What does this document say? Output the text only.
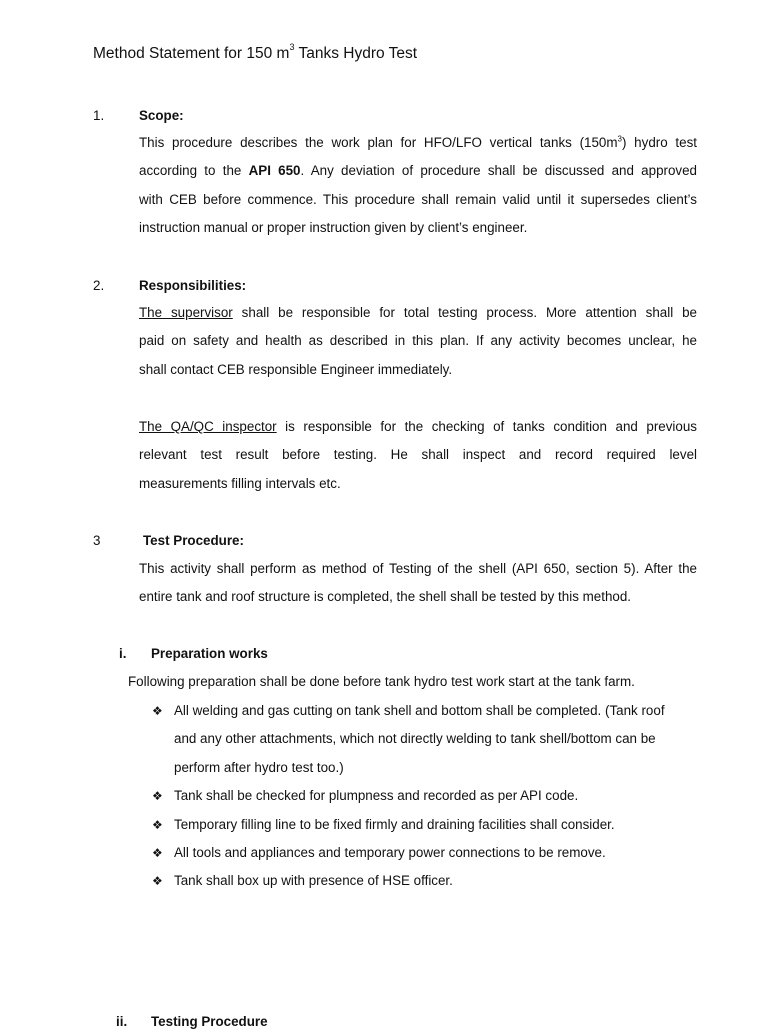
Method Statement for 150 $m^3$ Tanks Hydro Test
1.	Scope:
This procedure describes the work plan for HFO/LFO vertical tanks $(150m^3)$ hydro test
according to the API 650. Any deviation of procedure shall be discussed and approved
with CEB before commence. This procedure shall remain valid until it supersedes client’s
instruction manual or proper instruction given by client’s engineer.
2.	Responsibilities:
The supervisor shall be responsible for total testing process. More attention shall be
paid on safety and health as described in this plan. If any activity becomes unclear, he
shall contact CEB responsible Engineer immediately.
The QA/QC inspector is responsible for the checking of tanks condition and previous
relevant test result before testing. He shall inspect and record required level
measurements filling intervals etc.
3	Test Procedure:
This activity shall perform as method of Testing of the shell (API 650, section 5). After the
entire tank and roof structure is completed, the shell shall be tested by this method.
i. Preparation works
Following preparation shall be done before tank hydro test work start at the tank farm.
❖ All welding and gas cutting on tank shell and bottom shall be completed. (Tank roof and any other attachments, which not directly welding to tank shell/bottom can be perform after hydro test too.)
❖ Tank shall be checked for plumpness and recorded as per API code.
❖ Temporary filling line to be fixed firmly and draining facilities shall consider.
❖ All tools and appliances and temporary power connections to be remove.
❖ Tank shall box up with presence of HSE officer.
ii. Testing Procedure
